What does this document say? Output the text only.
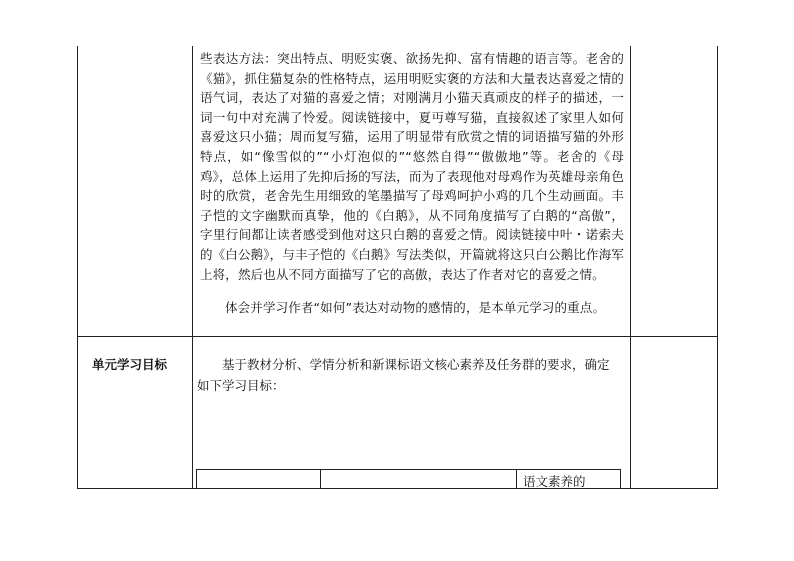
些表达方法：突出特点、明贬实褒、欲扬先抑、富有情趣的语言等。老舍的《猫》，抓住猫复杂的性格特点，运用明贬实褒的方法和大量表达喜爱之情的语气词，表达了对猫的喜爱之情；对刚满月小猫天真顽皮的样子的描述，一词一句中对充满了怜爱。阅读链接中，夏丏尊写猫，直接叙述了家里人如何喜爱这只小猫；周而复写猫，运用了明显带有欣赏之情的词语描写猫的外形特点，如“像雪似的”“小灯泡似的”“悠然自得”“傲傲地”等。老舍的《母鸡》，总体上运用了先抑后扬的写法，而为了表现他对母鸡作为英雄母亲角色时的欣赏，老舍先生用细致的笔墨描写了母鸡呵护小鸡的几个生动画面。丰子恺的文字幽默而真挚，他的《白鹅》，从不同角度描写了白鹅的“高傲”，字里行间都让读者感受到他对这只白鹅的喜爱之情。阅读链接中叶・诺索夫的《白公鹅》，与丰子恺的《白鹅》写法类似，开篇就将这只白公鹅比作海军上将，然后也从不同方面描写了它的高傲，表达了作者对它的喜爱之情。

体会并学习作者“如何”表达对动物的感情的，是本单元学习的重点。

单元学习目标	基于教材分析、学情分析和新课标语文核心素养及任务群的要求，确定如下学习目标：

语文素养的
